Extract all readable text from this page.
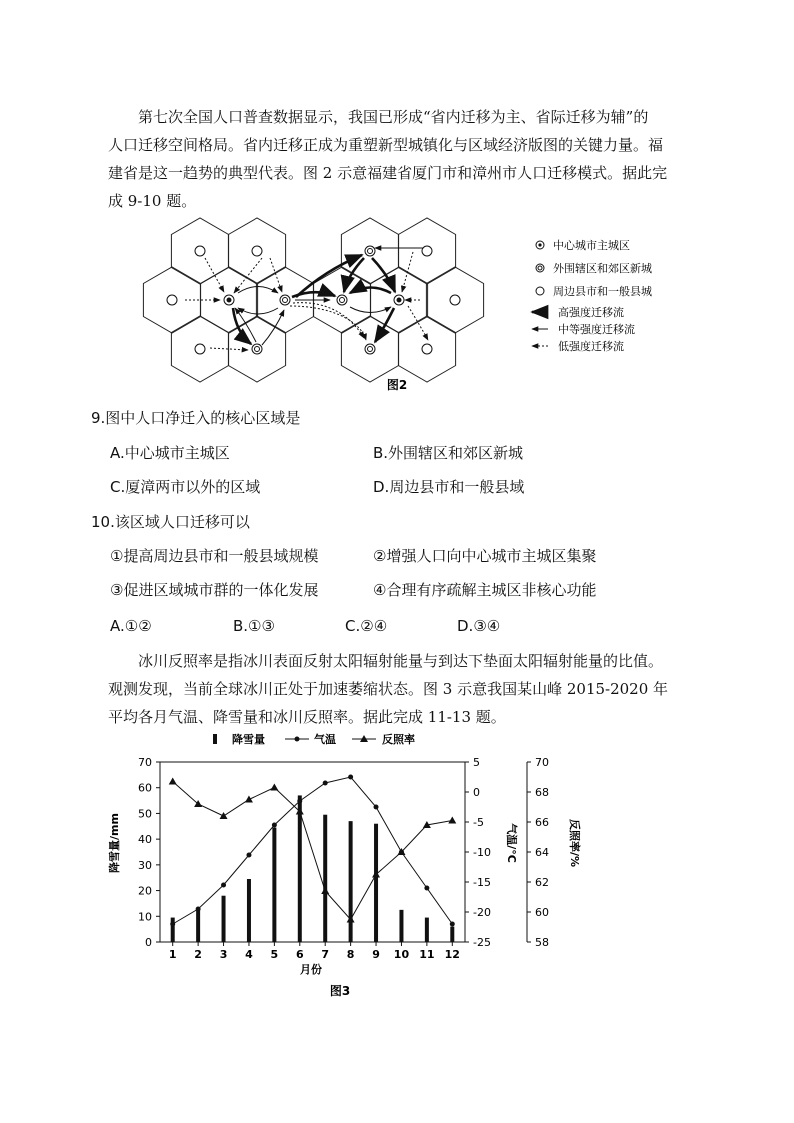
　　第七次全国人口普查数据显示，我国已形成“省内迁移为主、省际迁移为辅”的
人口迁移空间格局。省内迁移正成为重塑新型城镇化与区域经济版图的关键力量。福
建省是这一趋势的典型代表。图 2 示意福建省厦门市和漳州市人口迁移模式。据此完
成 9-10 题。
图2
中心城市主城区
外围辖区和郊区新城
周边县市和一般县城
高强度迁移流
中等强度迁移流
低强度迁移流
9.图中人口净迁入的核心区域是
A.中心城市主城区	B.外围辖区和郊区新城
C.厦漳两市以外的区域	D.周边县市和一般县域
10.该区域人口迁移可以
①提高周边县市和一般县域规模	②增强人口向中心城市主城区集聚
③促进区域城市群的一体化发展	④合理有序疏解主城区非核心功能
A.①②	B.①③	C.②④	D.③④
　　冰川反照率是指冰川表面反射太阳辐射能量与到达下垫面太阳辐射能量的比值。
观测发现，当前全球冰川正处于加速萎缩状态。图 3 示意我国某山峰 2015-2020 年
平均各月气温、降雪量和冰川反照率。据此完成 11-13 题。
降雪量	气温	反照率
降雪量/mm	气温/°C	反照率/%
月份
图3
0
10
20
30
40
50
60
70
-25
-20
-15
-10
-5
0
5
58
60
62
64
66
68
70
1 2 3 4 5 6 7 8 9 10 11 12
